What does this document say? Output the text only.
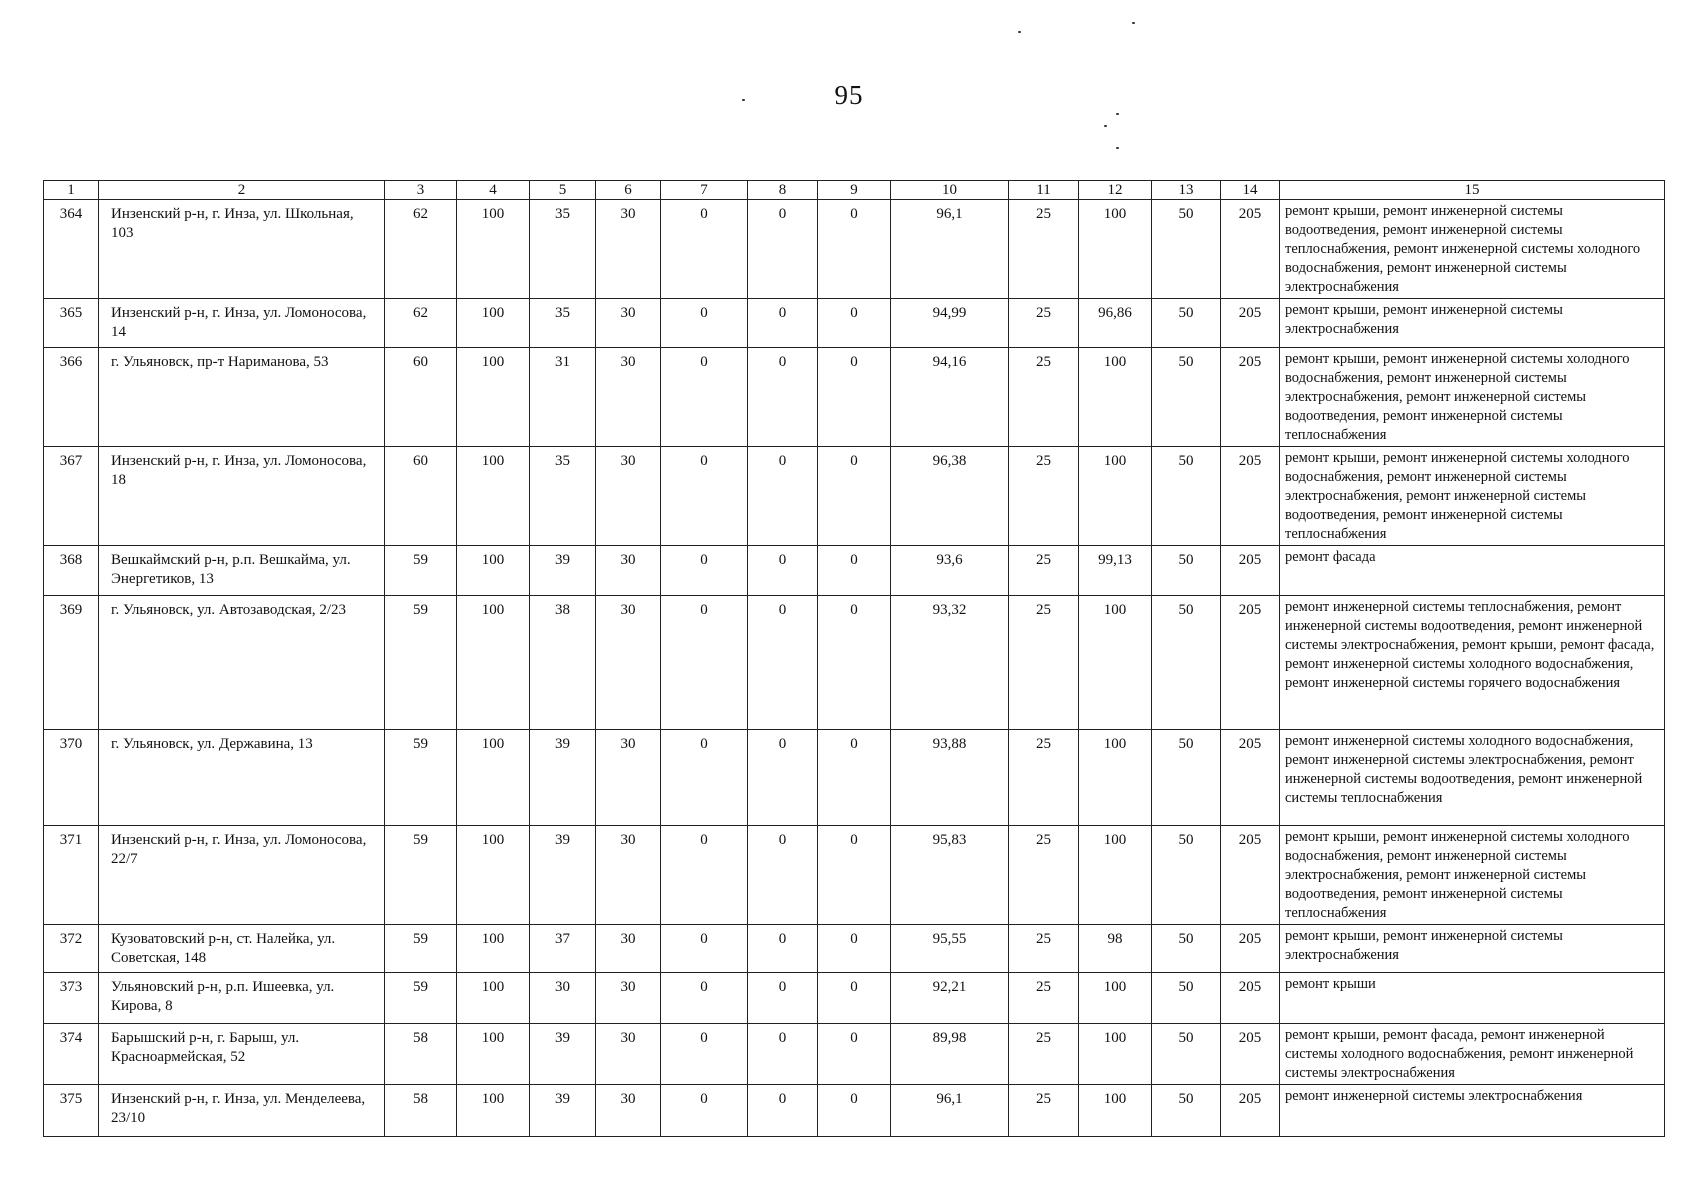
95
1	2	3	4	5	6	7	8	9	10	11	12	13	14	15
364	Инзенский р-н, г. Инза, ул. Школьная, 103	62	100	35	30	0	0	0	96,1	25	100	50	205	ремонт крыши, ремонт инженерной системы водоотведения, ремонт инженерной системы теплоснабжения, ремонт инженерной системы холодного водоснабжения, ремонт инженерной системы электроснабжения
365	Инзенский р-н, г. Инза, ул. Ломоносова, 14	62	100	35	30	0	0	0	94,99	25	96,86	50	205	ремонт крыши, ремонт инженерной системы электроснабжения
366	г. Ульяновск, пр-т Нариманова, 53	60	100	31	30	0	0	0	94,16	25	100	50	205	ремонт крыши, ремонт инженерной системы холодного водоснабжения, ремонт инженерной системы электроснабжения, ремонт инженерной системы водоотведения, ремонт инженерной системы теплоснабжения
367	Инзенский р-н, г. Инза, ул. Ломоносова, 18	60	100	35	30	0	0	0	96,38	25	100	50	205	ремонт крыши, ремонт инженерной системы холодного водоснабжения, ремонт инженерной системы электроснабжения, ремонт инженерной системы водоотведения, ремонт инженерной системы теплоснабжения
368	Вешкаймский р-н, р.п. Вешкайма, ул. Энергетиков, 13	59	100	39	30	0	0	0	93,6	25	99,13	50	205	ремонт фасада
369	г. Ульяновск, ул. Автозаводская, 2/23	59	100	38	30	0	0	0	93,32	25	100	50	205	ремонт инженерной системы теплоснабжения, ремонт инженерной системы водоотведения, ремонт инженерной системы электроснабжения, ремонт крыши, ремонт фасада, ремонт инженерной системы холодного водоснабжения, ремонт инженерной системы горячего водоснабжения
370	г. Ульяновск, ул. Державина, 13	59	100	39	30	0	0	0	93,88	25	100	50	205	ремонт инженерной системы холодного водоснабжения, ремонт инженерной системы электроснабжения, ремонт инженерной системы водоотведения, ремонт инженерной системы теплоснабжения
371	Инзенский р-н, г. Инза, ул. Ломоносова, 22/7	59	100	39	30	0	0	0	95,83	25	100	50	205	ремонт крыши, ремонт инженерной системы холодного водоснабжения, ремонт инженерной системы электроснабжения, ремонт инженерной системы водоотведения, ремонт инженерной системы теплоснабжения
372	Кузоватовский р-н, ст. Налейка, ул. Советская, 148	59	100	37	30	0	0	0	95,55	25	98	50	205	ремонт крыши, ремонт инженерной системы электроснабжения
373	Ульяновский р-н, р.п. Ишеевка, ул. Кирова, 8	59	100	30	30	0	0	0	92,21	25	100	50	205	ремонт крыши
374	Барышский р-н, г. Барыш, ул. Красноармейская, 52	58	100	39	30	0	0	0	89,98	25	100	50	205	ремонт крыши, ремонт фасада, ремонт инженерной системы холодного водоснабжения, ремонт инженерной системы электроснабжения
375	Инзенский р-н, г. Инза, ул. Менделеева, 23/10	58	100	39	30	0	0	0	96,1	25	100	50	205	ремонт инженерной системы электроснабжения
